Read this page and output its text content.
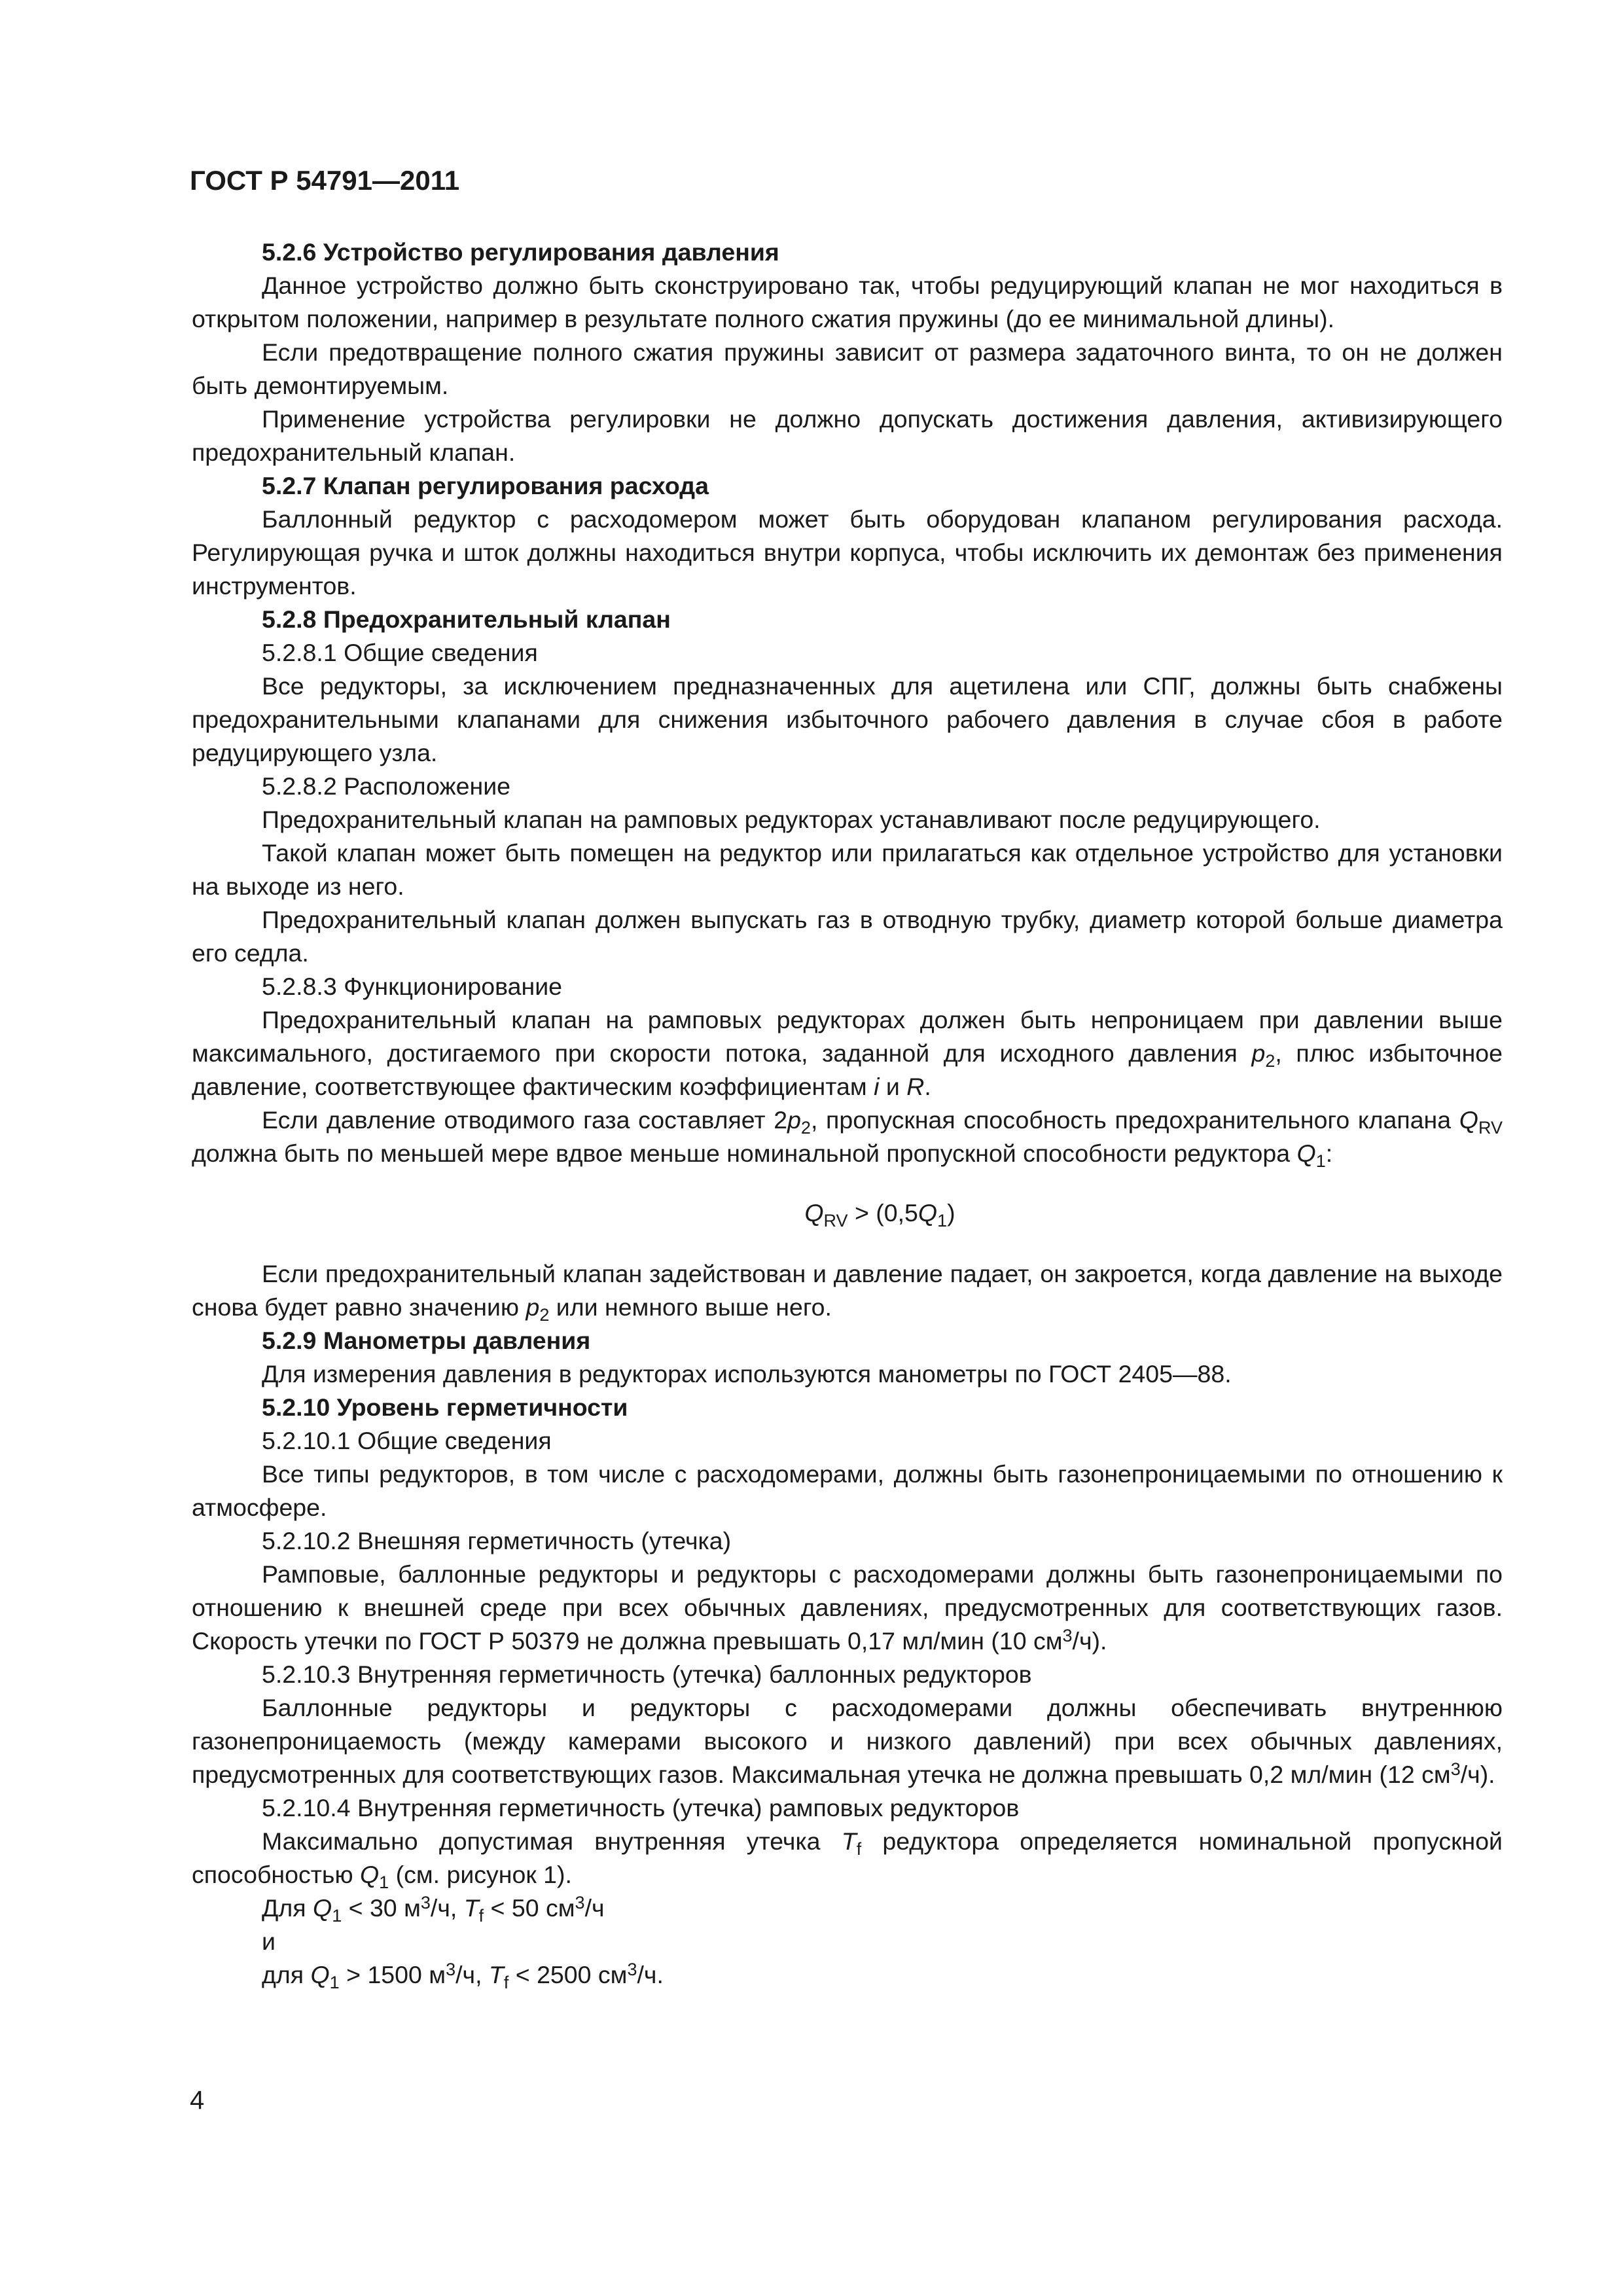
ГОСТ Р 54791—2011

5.2.6 Устройство регулирования давления

Данное устройство должно быть сконструировано так, чтобы редуцирующий клапан не мог находиться в открытом положении, например в результате полного сжатия пружины (до ее минимальной длины).

Если предотвращение полного сжатия пружины зависит от размера задаточного винта, то он не должен быть демонтируемым.

Применение устройства регулировки не должно допускать достижения давления, активизирующего предохранительный клапан.

5.2.7 Клапан регулирования расхода

Баллонный редуктор с расходомером может быть оборудован клапаном регулирования расхода. Регулирующая ручка и шток должны находиться внутри корпуса, чтобы исключить их демонтаж без применения инструментов.

5.2.8 Предохранительный клапан

5.2.8.1 Общие сведения

Все редукторы, за исключением предназначенных для ацетилена или СПГ, должны быть снабжены предохранительными клапанами для снижения избыточного рабочего давления в случае сбоя в работе редуцирующего узла.

5.2.8.2 Расположение

Предохранительный клапан на рамповых редукторах устанавливают после редуцирующего.

Такой клапан может быть помещен на редуктор или прилагаться как отдельное устройство для установки на выходе из него.

Предохранительный клапан должен выпускать газ в отводную трубку, диаметр которой больше диаметра его седла.

5.2.8.3 Функционирование

Предохранительный клапан на рамповых редукторах должен быть непроницаем при давлении выше максимального, достигаемого при скорости потока, заданной для исходного давления $p_2$, плюс избыточное давление, соответствующее фактическим коэффициентам i и R.

Если давление отводимого газа составляет $2p_2$, пропускная способность предохранительного клапана $Q_{RV}$ должна быть по меньшей мере вдвое меньше номинальной пропускной способности редуктора $Q_1$:

$Q_{RV} > (0,5Q_1)$

Если предохранительный клапан задействован и давление падает, он закроется, когда давление на выходе снова будет равно значению $p_2$ или немного выше него.

5.2.9 Манометры давления

Для измерения давления в редукторах используются манометры по ГОСТ 2405—88.

5.2.10 Уровень герметичности

5.2.10.1 Общие сведения

Все типы редукторов, в том числе с расходомерами, должны быть газонепроницаемыми по отношению к атмосфере.

5.2.10.2 Внешняя герметичность (утечка)

Рамповые, баллонные редукторы и редукторы с расходомерами должны быть газонепроницаемыми по отношению к внешней среде при всех обычных давлениях, предусмотренных для соответствующих газов. Скорость утечки по ГОСТ Р 50379 не должна превышать 0,17 мл/мин (10 $см^3/ч$).

5.2.10.3 Внутренняя герметичность (утечка) баллонных редукторов

Баллонные редукторы и редукторы с расходомерами должны обеспечивать внутреннюю газонепроницаемость (между камерами высокого и низкого давлений) при всех обычных давлениях, предусмотренных для соответствующих газов. Максимальная утечка не должна превышать 0,2 мл/мин (12 $см^3/ч$).

5.2.10.4 Внутренняя герметичность (утечка) рамповых редукторов

Максимально допустимая внутренняя утечка $T_f$ редуктора определяется номинальной пропускной способностью $Q_1$ (см. рисунок 1).

Для $Q_1 < 30$ $м^3/ч$, $T_f < 50$ $см^3/ч$

и

для $Q_1 > 1500$ $м^3/ч$, $T_f < 2500$ $см^3/ч$.

4
